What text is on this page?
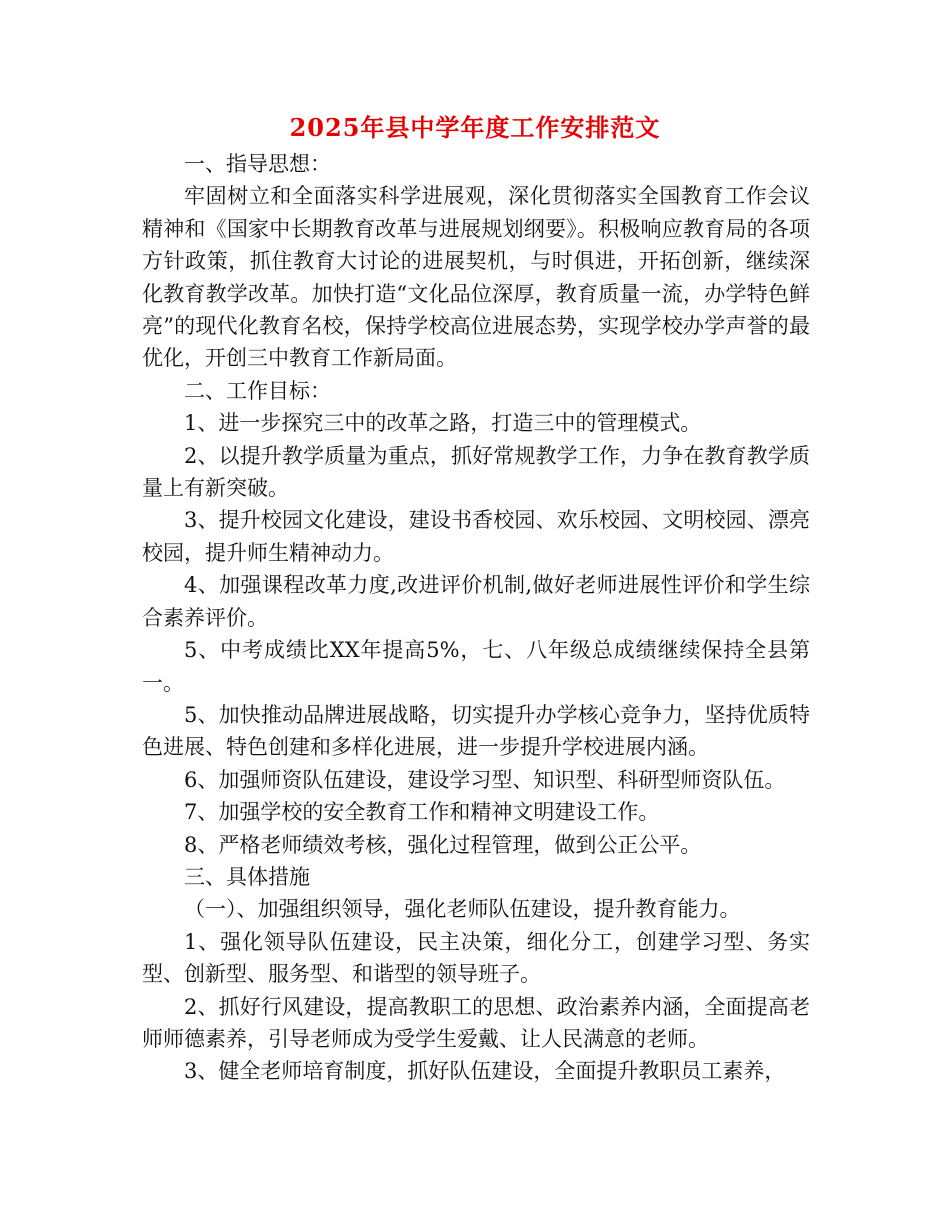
2025年县中学年度工作安排范文

一、指导思想：

牢固树立和全面落实科学进展观，深化贯彻落实全国教育工作会议精神和《国家中长期教育改革与进展规划纲要》。积极响应教育局的各项方针政策，抓住教育大讨论的进展契机，与时俱进，开拓创新，继续深化教育教学改革。加快打造“文化品位深厚，教育质量一流，办学特色鲜亮”的现代化教育名校，保持学校高位进展态势，实现学校办学声誉的最优化，开创三中教育工作新局面。

二、工作目标：

1、进一步探究三中的改革之路，打造三中的管理模式。

2、以提升教学质量为重点，抓好常规教学工作，力争在教育教学质量上有新突破。

3、提升校园文化建设，建设书香校园、欢乐校园、文明校园、漂亮校园，提升师生精神动力。

4、加强课程改革力度,改进评价机制,做好老师进展性评价和学生综合素养评价。

5、中考成绩比XX年提高5%，七、八年级总成绩继续保持全县第一。

5、加快推动品牌进展战略，切实提升办学核心竞争力，坚持优质特色进展、特色创建和多样化进展，进一步提升学校进展内涵。

6、加强师资队伍建设，建设学习型、知识型、科研型师资队伍。

7、加强学校的安全教育工作和精神文明建设工作。

8、严格老师绩效考核，强化过程管理，做到公正公平。

三、具体措施

（一）、加强组织领导，强化老师队伍建设，提升教育能力。

1、强化领导队伍建设，民主决策，细化分工，创建学习型、务实型、创新型、服务型、和谐型的领导班子。

2、抓好行风建设，提高教职工的思想、政治素养内涵，全面提高老师师德素养，引导老师成为受学生爱戴、让人民满意的老师。

3、健全老师培育制度，抓好队伍建设，全面提升教职员工素养，
